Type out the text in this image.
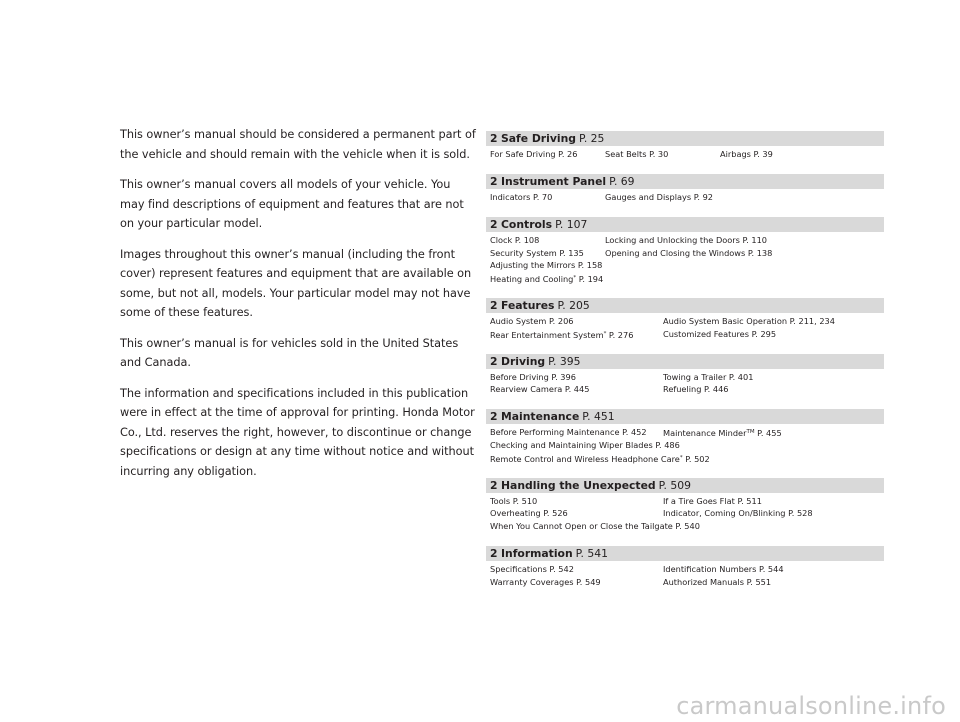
This owner’s manual should be considered a permanent part of the vehicle and should remain with the vehicle when it is sold.

This owner’s manual covers all models of your vehicle. You may find descriptions of equipment and features that are not on your particular model.

Images throughout this owner’s manual (including the front cover) represent features and equipment that are available on some, but not all, models. Your particular model may not have some of these features.

This owner’s manual is for vehicles sold in the United States and Canada.

The information and specifications included in this publication were in effect at the time of approval for printing. Honda Motor Co., Ltd. reserves the right, however, to discontinue or change specifications or design at any time without notice and without incurring any obligation.

2 Safe Driving P. 25
For Safe Driving P. 26	Seat Belts P. 30	Airbags P. 39
2 Instrument Panel P. 69
Indicators P. 70	Gauges and Displays P. 92
2 Controls P. 107
Clock P. 108	Locking and Unlocking the Doors P. 110
Security System P. 135	Opening and Closing the Windows P. 138
Adjusting the Mirrors P. 158
Heating and Cooling* P. 194
2 Features P. 205
Audio System P. 206	Audio System Basic Operation P. 211, 234
Rear Entertainment System* P. 276	Customized Features P. 295
2 Driving P. 395
Before Driving P. 396	Towing a Trailer P. 401
Rearview Camera P. 445	Refueling P. 446
2 Maintenance P. 451
Before Performing Maintenance P. 452	Maintenance Minder™ P. 455
Checking and Maintaining Wiper Blades P. 486
Remote Control and Wireless Headphone Care* P. 502
2 Handling the Unexpected P. 509
Tools P. 510	If a Tire Goes Flat P. 511
Overheating P. 526	Indicator, Coming On/Blinking P. 528
When You Cannot Open or Close the Tailgate P. 540
2 Information P. 541
Specifications P. 542	Identification Numbers P. 544
Warranty Coverages P. 549	Authorized Manuals P. 551
carmanualsonline.info
